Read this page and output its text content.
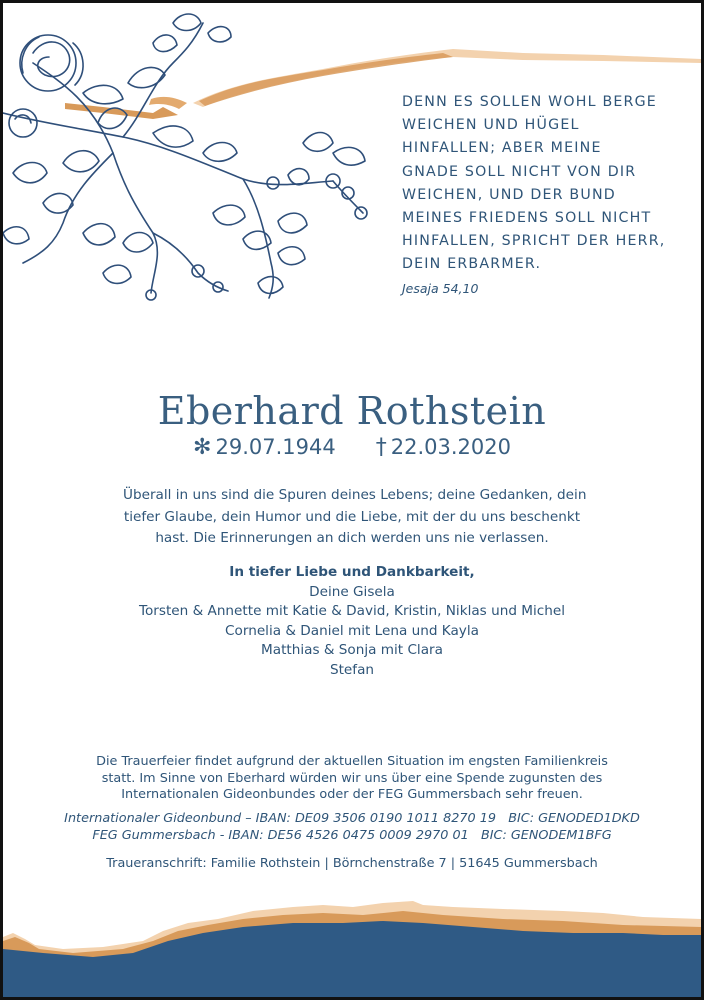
DENN ES SOLLEN WOHL BERGE
WEICHEN UND HÜGEL
HINFALLEN; ABER MEINE
GNADE SOLL NICHT VON DIR
WEICHEN, UND DER BUND
MEINES FRIEDENS SOLL NICHT
HINFALLEN, SPRICHT DER HERR,
DEIN ERBARMER.
Jesaja 54,10
Eberhard Rothstein
✻ 29.07.1944 † 22.03.2020
Überall in uns sind die Spuren deines Lebens; deine Gedanken, dein
tiefer Glaube, dein Humor und die Liebe, mit der du uns beschenkt
hast. Die Erinnerungen an dich werden uns nie verlassen.
In tiefer Liebe und Dankbarkeit,
Deine Gisela
Torsten & Annette mit Katie & David, Kristin, Niklas und Michel
Cornelia & Daniel mit Lena und Kayla
Matthias & Sonja mit Clara
Stefan
Die Trauerfeier findet aufgrund der aktuellen Situation im engsten Familienkreis
statt. Im Sinne von Eberhard würden wir uns über eine Spende zugunsten des
Internationalen Gideonbundes oder der FEG Gummersbach sehr freuen.
Internationaler Gideonbund – IBAN: DE09 3506 0190 1011 8270 19   BIC: GENODED1DKD
FEG Gummersbach - IBAN: DE56 4526 0475 0009 2970 01   BIC: GENODEM1BFG
Traueranschrift: Familie Rothstein | Börnchenstraße 7 | 51645 Gummersbach
